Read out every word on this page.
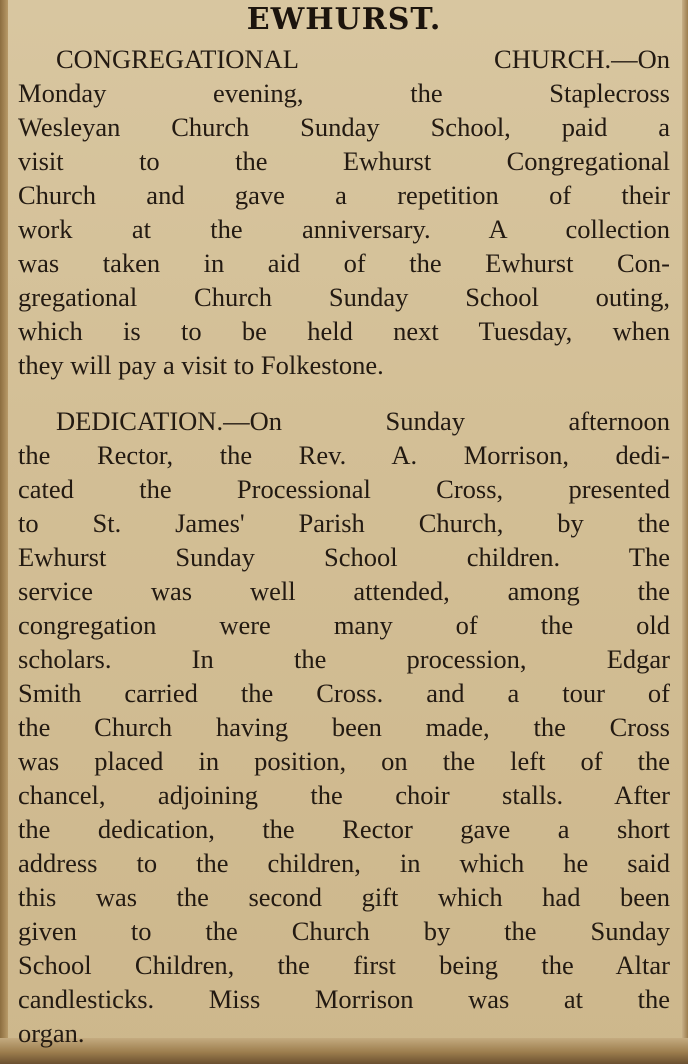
EWHURST.
CONGREGATIONAL CHURCH.—On
Monday evening, the Staplecross
Wesleyan Church Sunday School, paid a
visit to the Ewhurst Congregational
Church and gave a repetition of their
work at the anniversary. A collection
was taken in aid of the Ewhurst Con-
gregational Church Sunday School outing,
which is to be held next Tuesday, when
they will pay a visit to Folkestone.
DEDICATION.—On Sunday afternoon
the Rector, the Rev. A. Morrison, dedi-
cated the Processional Cross, presented
to St. James' Parish Church, by the
Ewhurst Sunday School children. The
service was well attended, among the
congregation were many of the old
scholars. In the procession, Edgar
Smith carried the Cross. and a tour of
the Church having been made, the Cross
was placed in position, on the left of the
chancel, adjoining the choir stalls. After
the dedication, the Rector gave a short
address to the children, in which he said
this was the second gift which had been
given to the Church by the Sunday
School Children, the first being the Altar
candlesticks. Miss Morrison was at the
organ.
